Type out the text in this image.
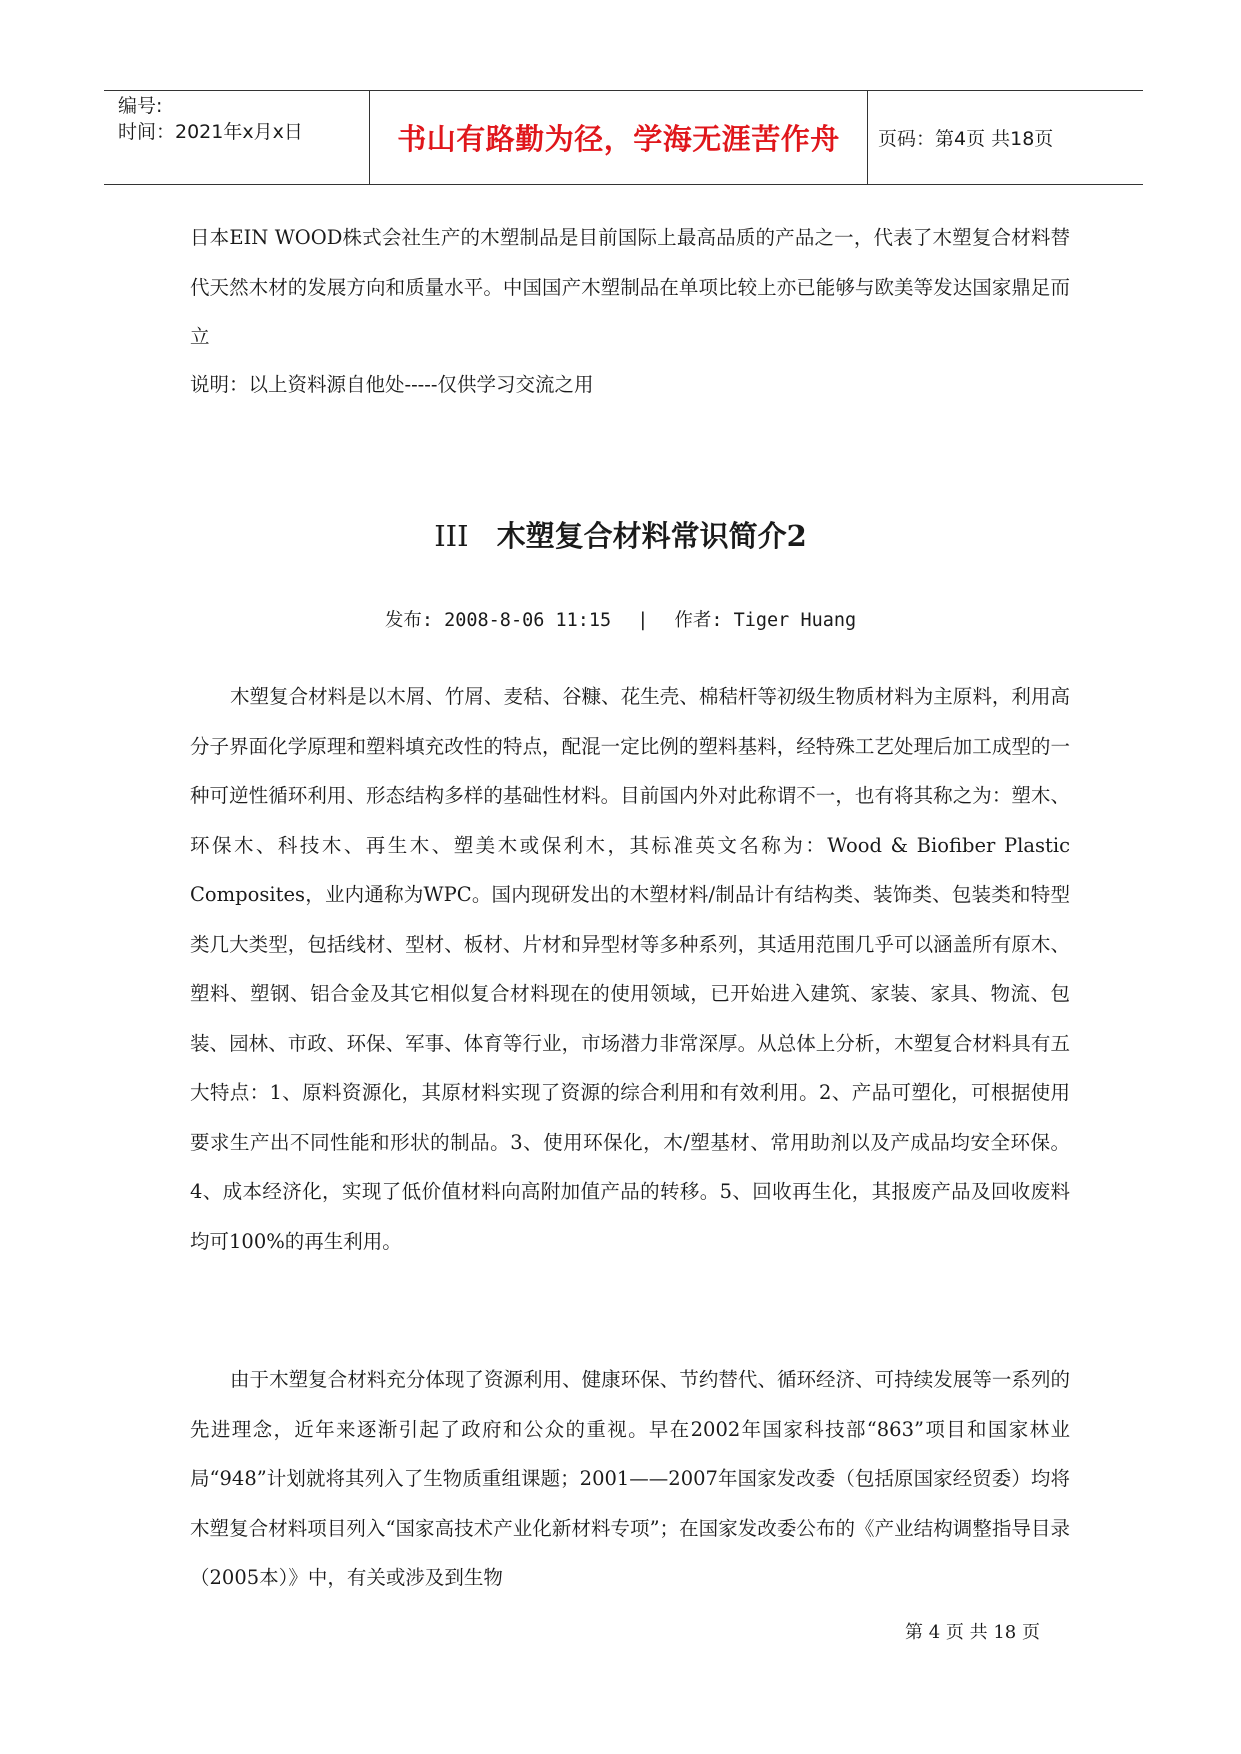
编号:
时间：2021年x月x日	书山有路勤为径，学海无涯苦作舟 页码：第4页 共18页
日本EIN WOOD株式会社生产的木塑制品是目前国际上最高品质的产品之一，代表了木塑复合材料替代天然木材的发展方向和质量水平。中国国产木塑制品在单项比较上亦已能够与欧美等发达国家鼎足而立
说明：以上资料源自他处-----仅供学习交流之用
III 木塑复合材料常识简介2
发布: 2008-8-06 11:15 | 作者: Tiger Huang
木塑复合材料是以木屑、竹屑、麦秸、谷糠、花生壳、棉秸杆等初级生物质材料为主原料，利用高分子界面化学原理和塑料填充改性的特点，配混一定比例的塑料基料，经特殊工艺处理后加工成型的一种可逆性循环利用、形态结构多样的基础性材料。目前国内外对此称谓不一，也有将其称之为：塑木、环保木、科技木、再生木、塑美木或保利木，其标准英文名称为：Wood & Biofiber Plastic Composites，业内通称为WPC。国内现研发出的木塑材料/制品计有结构类、装饰类、包装类和特型类几大类型，包括线材、型材、板材、片材和异型材等多种系列，其适用范围几乎可以涵盖所有原木、塑料、塑钢、铝合金及其它相似复合材料现在的使用领域，已开始进入建筑、家装、家具、物流、包装、园林、市政、环保、军事、体育等行业，市场潜力非常深厚。从总体上分析，木塑复合材料具有五大特点：1、原料资源化，其原材料实现了资源的综合利用和有效利用。2、产品可塑化，可根据使用要求生产出不同性能和形状的制品。3、使用环保化，木/塑基材、常用助剂以及产成品均安全环保。4、成本经济化，实现了低价值材料向高附加值产品的转移。5、回收再生化，其报废产品及回收废料均可100%的再生利用。
由于木塑复合材料充分体现了资源利用、健康环保、节约替代、循环经济、可持续发展等一系列的先进理念，近年来逐渐引起了政府和公众的重视。早在2002年国家科技部“863”项目和国家林业局“948”计划就将其列入了生物质重组课题；2001——2007年国家发改委（包括原国家经贸委）均将木塑复合材料项目列入“国家高技术产业化新材料专项”；在国家发改委公布的《产业结构调整指导目录（2005本）》中，有关或涉及到生物
第 4 页 共 18 页
